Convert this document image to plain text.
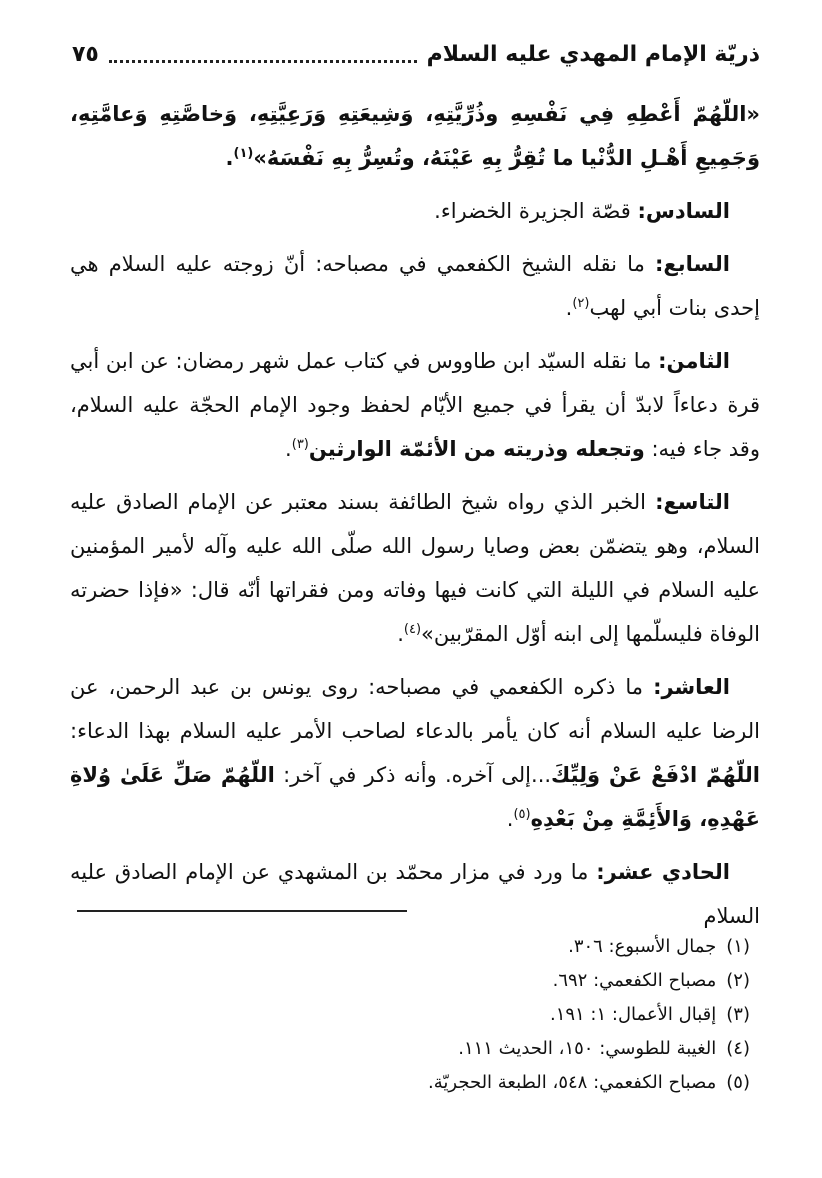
ذريّة الإمام المهدي عليه السلام
٧٥

«اللّهُمّ أَعْطِهِ فِي نَفْسِهِ وذُرِّيَّتِهِ، وَشِيعَتِهِ وَرَعِيَّتِهِ، وَخاصَّتِهِ وَعامَّتِهِ، وَجَمِيعِ أَهْـلِ الدُّنْيا ما تُقِرُّ بِهِ عَيْنَهُ، وتُسِرُّ بِهِ نَفْسَهُ»$^{(١)}$.

السادس: قصّة الجزيرة الخضراء.

السابع: ما نقله الشيخ الكفعمي في مصباحه: أنّ زوجته عليه السلام هي إحدى بنات أبي لهب$^{(٢)}$.

الثامن: ما نقله السيّد ابن طاووس في كتاب عمل شهر رمضان: عن ابن أبي قرة دعاءاً لابدّ أن يقرأ في جميع الأيّام لحفظ وجود الإمام الحجّة عليه السلام، وقد جاء فيه: وتجعله وذريته من الأئمّة الوارثين$^{(٣)}$.

التاسع: الخبر الذي رواه شيخ الطائفة بسند معتبر عن الإمام الصادق عليه السلام، وهو يتضمّن بعض وصايا رسول الله صلّى الله عليه وآله لأمير المؤمنين عليه السلام في الليلة التي كانت فيها وفاته ومن فقراتها أنّه قال: «فإذا حضرته الوفاة فليسلّمها إلى ابنه أوّل المقرّبين»$^{(٤)}$.

العاشر: ما ذكره الكفعمي في مصباحه: روى يونس بن عبد الرحمن، عن الرضا عليه السلام أنه كان يأمر بالدعاء لصاحب الأمر عليه السلام بهذا الدعاء: اللّهُمّ ادْفَعْ عَنْ وَلِيِّكَ...إلى آخره. وأنه ذكر في آخر: اللّهُمّ صَلِّ عَلَىٰ وُلاةِ عَهْدِهِ، وَالأَئِمَّةِ مِنْ بَعْدِهِ$^{(٥)}$.

الحادي عشر: ما ورد في مزار محمّد بن المشهدي عن الإمام الصادق عليه السلام

(١)
جمال الأسبوع: ٣٠٦.
(٢)
مصباح الكفعمي: ٦٩٢.
(٣)
إقبال الأعمال: ١: ١٩١.
(٤)
الغيبة للطوسي: ١٥٠، الحديث ١١١.
(٥)
مصباح الكفعمي: ٥٤٨، الطبعة الحجريّة.
